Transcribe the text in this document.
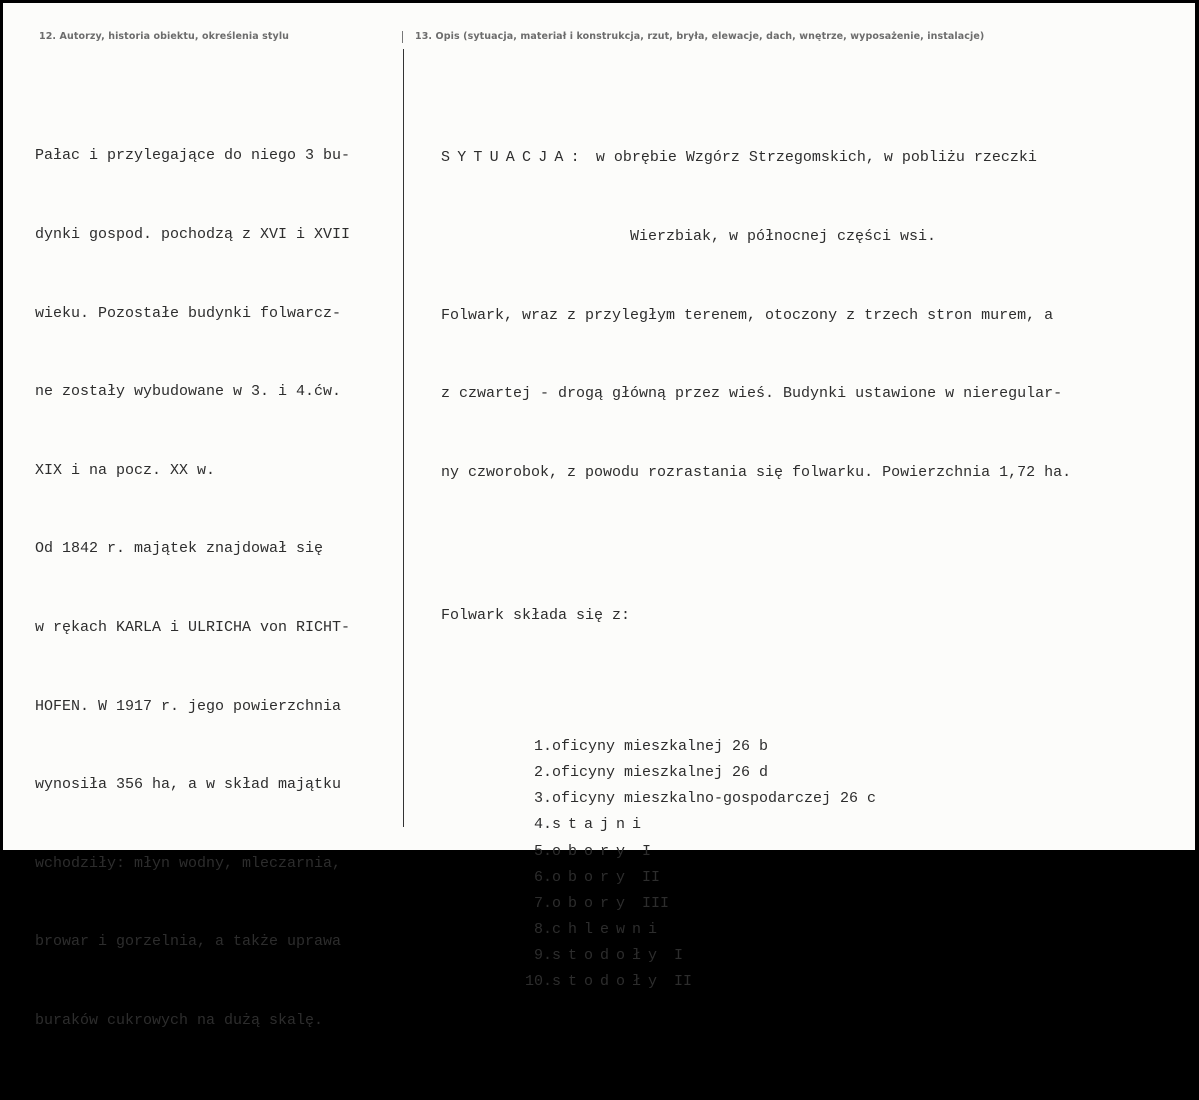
12. Autorzy, historia obiektu, określenia stylu	13. Opis (sytuacja, materiał i konstrukcja, rzut, bryła, elewacje, dach, wnętrze, wyposażenie, instalacje)

Pałac i przylegające do niego 3 bu-

dynki gospod. pochodzą z XVI i XVII

wieku. Pozostałe budynki folwarcz-

ne zostały wybudowane w 3. i 4.ćw.

XIX i na pocz. XX w.

Od 1842 r. majątek znajdował się

w rękach KARLA i ULRICHA von RICHT-

HOFEN. W 1917 r. jego powierzchnia

wynosiła 356 ha, a w skład majątku

wchodziły: młyn wodny, mleczarnia,

browar i gorzelnia, a także uprawa

buraków cukrowych na dużą skalę.

SYTUACJA: w obrębie Wzgórz Strzegomskich, w pobliżu rzeczki

Wierzbiak, w północnej części wsi.

Folwark, wraz z przyległym terenem, otoczony z trzech stron murem, a

z czwartej - drogą główną przez wieś. Budynki ustawione w nieregular-

ny czworobok, z powodu rozrastania się folwarku. Powierzchnia 1,72 ha.

Folwark składa się z:

1.oficyny mieszkalnej 26 b
2.oficyny mieszkalnej 26 d
3.oficyny mieszkalno-gospodarczej 26 c
4.stajni
5.obory I
6.obory II
7.obory III
8.chlewni
9.stodoły I
10.stodoły II
